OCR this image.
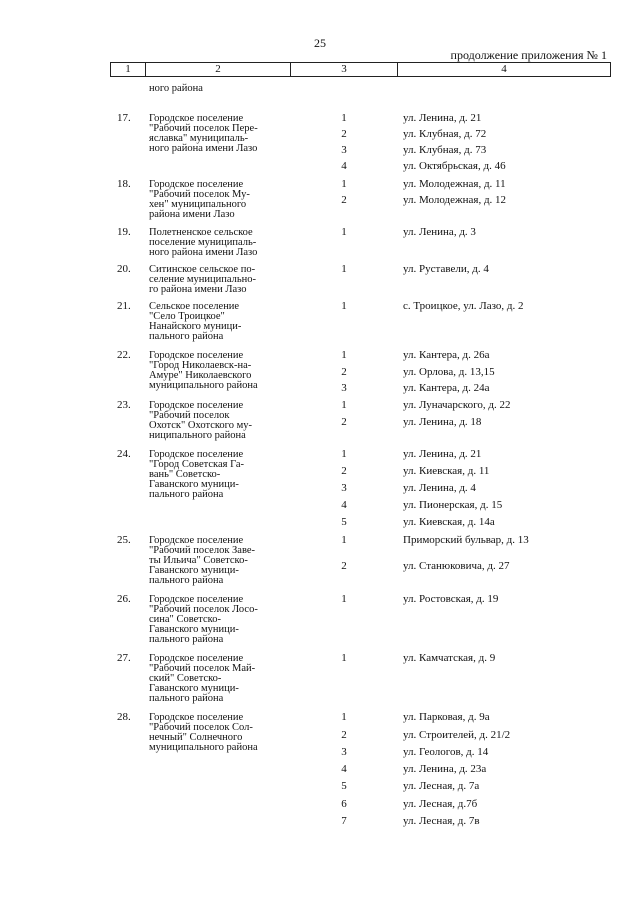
25
продолжение приложения № 1
1	2	3	4
ного района
17. Городское поселение
"Рабочий поселок Пере-
яславка" муниципаль-
ного района имени Лазо
1	ул. Ленина, д. 21
2	ул. Клубная, д. 72
3	ул. Клубная, д. 73
4	ул. Октябрьская, д. 46
18. Городское поселение
"Рабочий поселок Му-
хен" муниципального
района имени Лазо
1	ул. Молодежная, д. 11
2	ул. Молодежная, д. 12
19. Полетненское сельское
поселение муниципаль-
ного района имени Лазо
1	ул. Ленина, д. 3
20. Ситинское сельское по-
селение муниципально-
го района имени Лазо
1	ул. Руставели, д. 4
21. Сельское поселение
"Село Троицкое"
Нанайского муници-
пального района
1	с. Троицкое, ул. Лазо, д. 2
22. Городское поселение
"Город Николаевск-на-
Амуре" Николаевского
муниципального района
1	ул. Кантера, д. 26а
2	ул. Орлова, д. 13,15
3	ул. Кантера, д. 24а
23. Городское поселение
"Рабочий поселок
Охотск" Охотского му-
ниципального района
1	ул. Луначарского, д. 22
2	ул. Ленина, д. 18
24. Городское поселение
"Город Советская Га-
вань" Советско-
Гаванского муници-
пального района
1	ул. Ленина, д. 21
2	ул. Киевская, д. 11
3	ул. Ленина, д. 4
4	ул. Пионерская, д. 15
5	ул. Киевская, д. 14а
25. Городское поселение
"Рабочий поселок Заве-
ты Ильича" Советско-
Гаванского муници-
пального района
1	Приморский бульвар, д. 13
2	ул. Станюковича, д. 27
26. Городское поселение
"Рабочий поселок Лосо-
сина" Советско-
Гаванского муници-
пального района
1	ул. Ростовская, д. 19
27. Городское поселение
"Рабочий поселок Май-
ский" Советско-
Гаванского муници-
пального района
1	ул. Камчатская, д. 9
28. Городское поселение
"Рабочий поселок Сол-
нечный" Солнечного
муниципального района
1	ул. Парковая, д. 9а
2	ул. Строителей, д. 21/2
3	ул. Геологов, д. 14
4	ул. Ленина, д. 23а
5	ул. Лесная, д. 7а
6	ул. Лесная, д.7б
7	ул. Лесная, д. 7в
